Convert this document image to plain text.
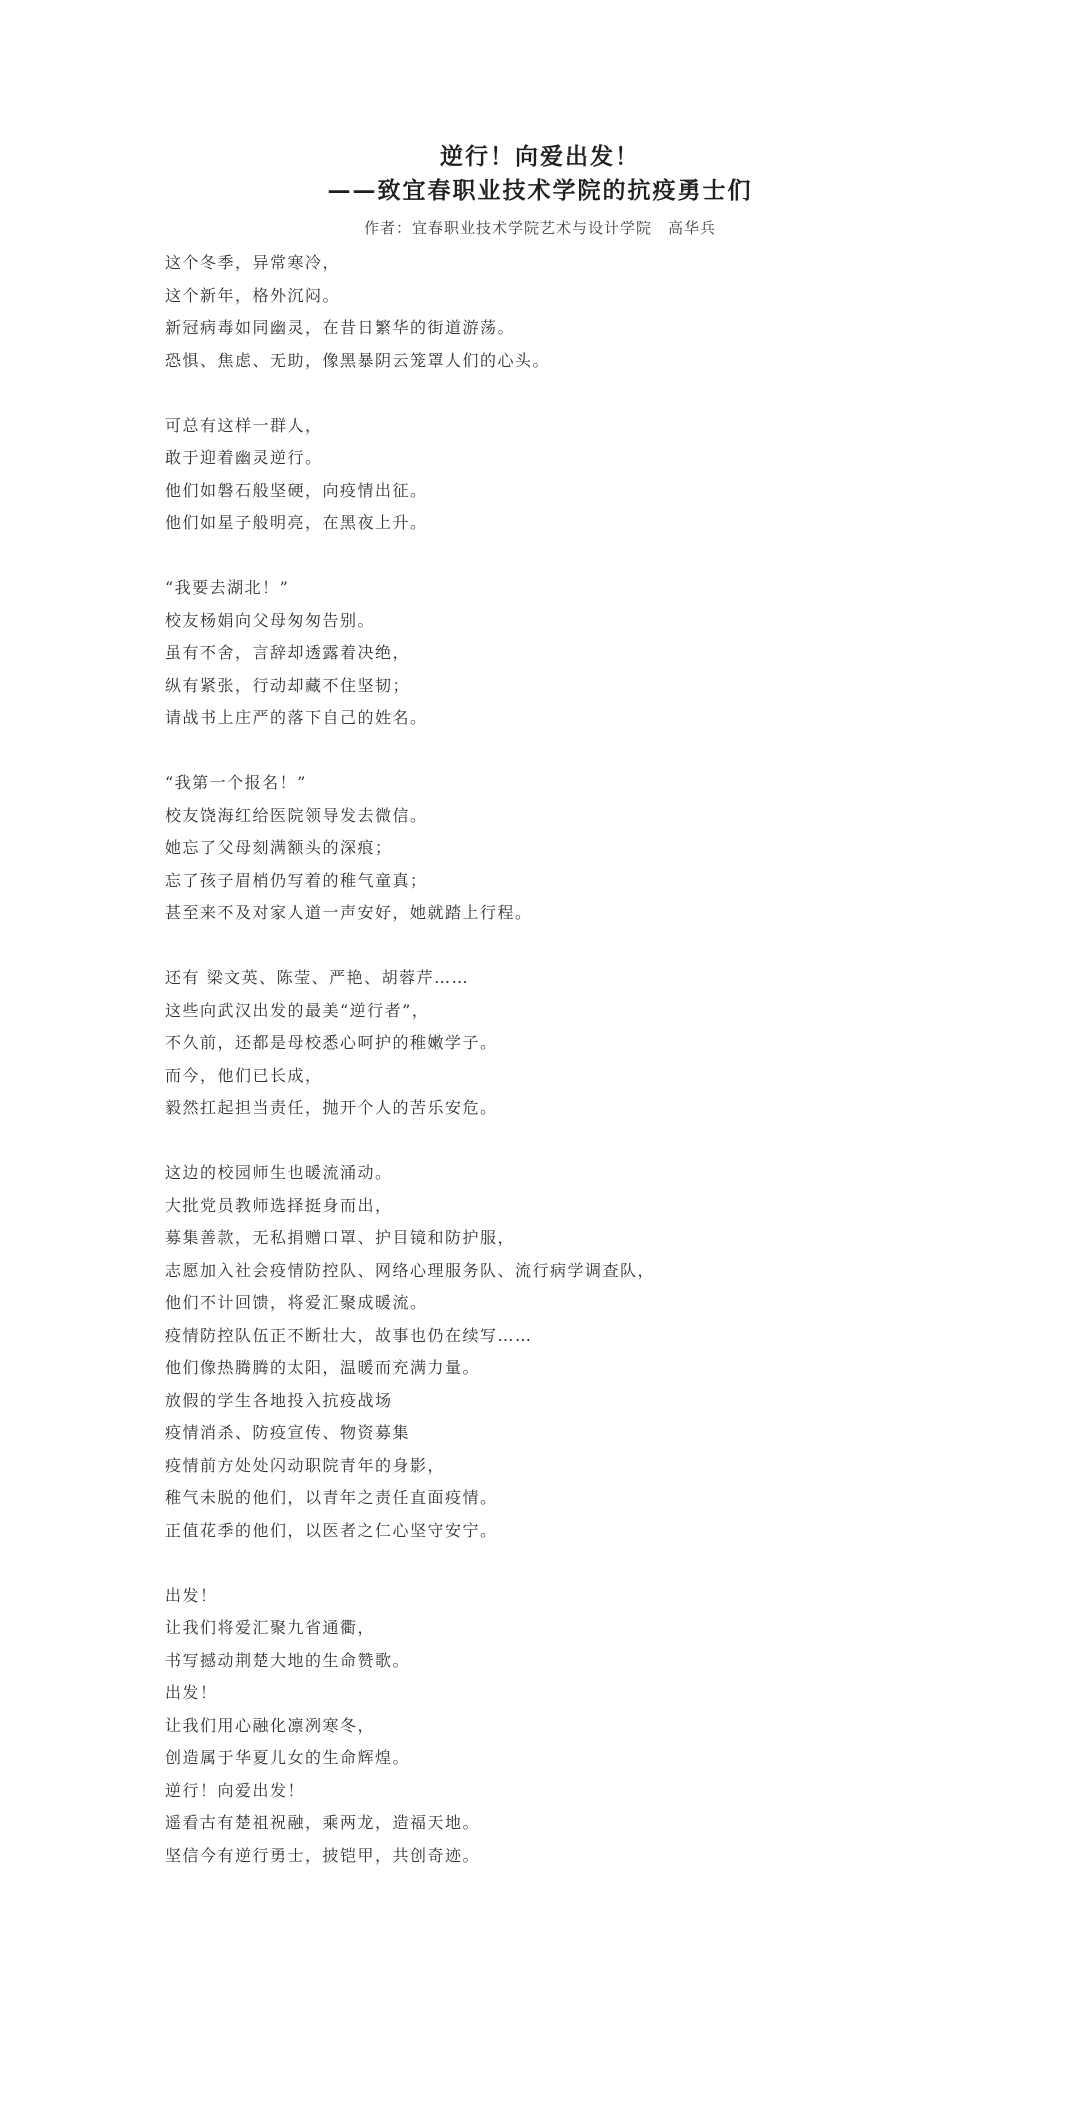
逆行！向爱出发！
——致宜春职业技术学院的抗疫勇士们
作者：宜春职业技术学院艺术与设计学院　高华兵
这个冬季，异常寒冷，
这个新年，格外沉闷。
新冠病毒如同幽灵，在昔日繁华的街道游荡。
恐惧、焦虑、无助，像黑暴阴云笼罩人们的心头。
可总有这样一群人，
敢于迎着幽灵逆行。
他们如磐石般坚硬，向疫情出征。
他们如星子般明亮，在黑夜上升。
“我要去湖北！”
校友杨娟向父母匆匆告别。
虽有不舍，言辞却透露着决绝，
纵有紧张，行动却藏不住坚韧；
请战书上庄严的落下自己的姓名。
“我第一个报名！”
校友饶海红给医院领导发去微信。
她忘了父母刻满额头的深痕；
忘了孩子眉梢仍写着的稚气童真；
甚至来不及对家人道一声安好，她就踏上行程。
还有 梁文英、陈莹、严艳、胡蓉芹……
这些向武汉出发的最美“逆行者”，
不久前，还都是母校悉心呵护的稚嫩学子。
而今，他们已长成，
毅然扛起担当责任，抛开个人的苦乐安危。
这边的校园师生也暖流涌动。
大批党员教师选择挺身而出，
募集善款，无私捐赠口罩、护目镜和防护服，
志愿加入社会疫情防控队、网络心理服务队、流行病学调查队，
他们不计回馈，将爱汇聚成暖流。
疫情防控队伍正不断壮大，故事也仍在续写……
他们像热腾腾的太阳，温暖而充满力量。
放假的学生各地投入抗疫战场
疫情消杀、防疫宣传、物资募集
疫情前方处处闪动职院青年的身影，
稚气未脱的他们，以青年之责任直面疫情。
正值花季的他们，以医者之仁心坚守安宁。
出发！
让我们将爱汇聚九省通衢，
书写撼动荆楚大地的生命赞歌。
出发！
让我们用心融化凛冽寒冬，
创造属于华夏儿女的生命辉煌。
逆行！向爱出发！
遥看古有楚祖祝融，乘两龙，造福天地。
坚信今有逆行勇士，披铠甲，共创奇迹。
